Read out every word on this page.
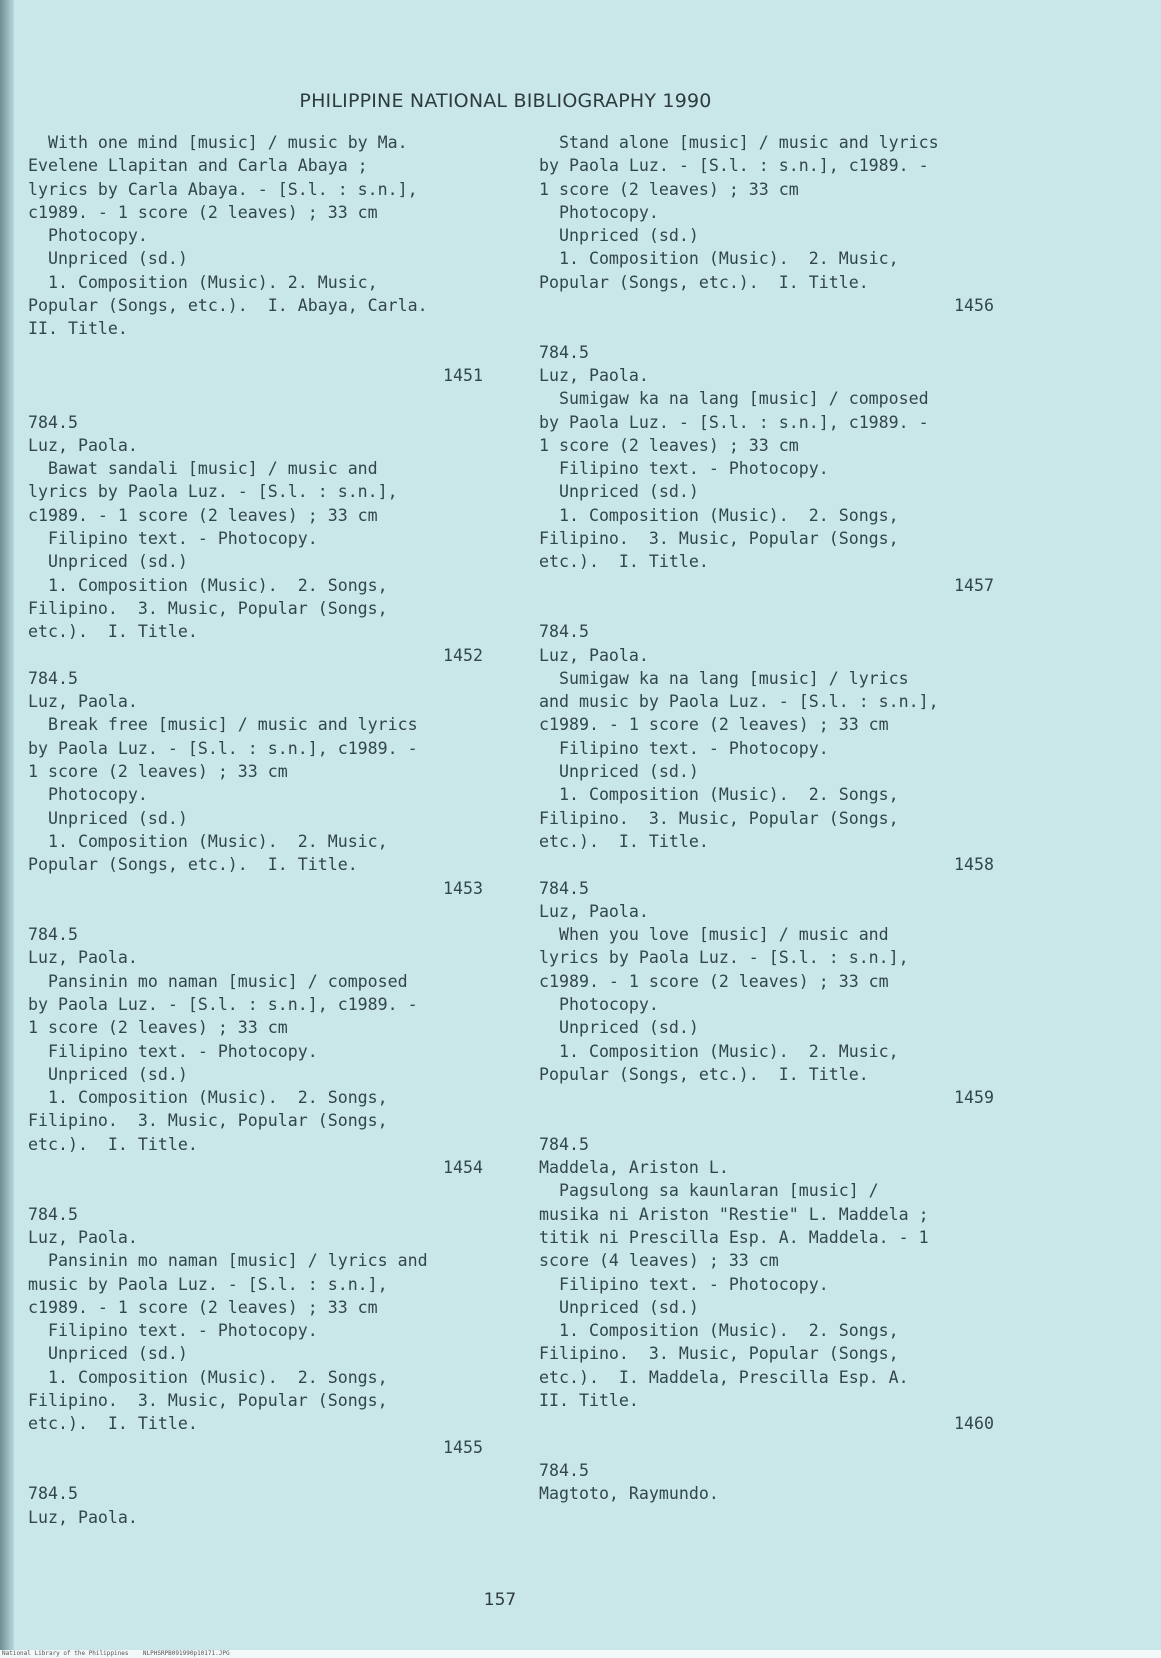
PHILIPPINE NATIONAL BIBLIOGRAPHY 1990

With one mind [music] / music by Ma.

Evelene Llapitan and Carla Abaya ;

lyrics by Carla Abaya. - [S.l. : s.n.],

c1989. - 1 score (2 leaves) ; 33 cm

Photocopy.

Unpriced (sd.)

1. Composition (Music). 2. Music,

Popular (Songs, etc.).  I. Abaya, Carla.

II. Title.

1451

784.5

Luz, Paola.

Bawat sandali [music] / music and

lyrics by Paola Luz. - [S.l. : s.n.],

c1989. - 1 score (2 leaves) ; 33 cm

Filipino text. - Photocopy.

Unpriced (sd.)

1. Composition (Music).  2. Songs,

Filipino.  3. Music, Popular (Songs,

etc.).  I. Title.

1452

784.5

Luz, Paola.

Break free [music] / music and lyrics

by Paola Luz. - [S.l. : s.n.], c1989. -

1 score (2 leaves) ; 33 cm

Photocopy.

Unpriced (sd.)

1. Composition (Music).  2. Music,

Popular (Songs, etc.).  I. Title.

1453

784.5

Luz, Paola.

Pansinin mo naman [music] / composed

by Paola Luz. - [S.l. : s.n.], c1989. -

1 score (2 leaves) ; 33 cm

Filipino text. - Photocopy.

Unpriced (sd.)

1. Composition (Music).  2. Songs,

Filipino.  3. Music, Popular (Songs,

etc.).  I. Title.

1454

784.5

Luz, Paola.

Pansinin mo naman [music] / lyrics and

music by Paola Luz. - [S.l. : s.n.],

c1989. - 1 score (2 leaves) ; 33 cm

Filipino text. - Photocopy.

Unpriced (sd.)

1. Composition (Music).  2. Songs,

Filipino.  3. Music, Popular (Songs,

etc.).  I. Title.

1455

784.5

Luz, Paola.

Stand alone [music] / music and lyrics

by Paola Luz. - [S.l. : s.n.], c1989. -

1 score (2 leaves) ; 33 cm

Photocopy.

Unpriced (sd.)

1. Composition (Music).  2. Music,

Popular (Songs, etc.).  I. Title.

1456

784.5

Luz, Paola.

Sumigaw ka na lang [music] / composed

by Paola Luz. - [S.l. : s.n.], c1989. -

1 score (2 leaves) ; 33 cm

Filipino text. - Photocopy.

Unpriced (sd.)

1. Composition (Music).  2. Songs,

Filipino.  3. Music, Popular (Songs,

etc.).  I. Title.

1457

784.5

Luz, Paola.

Sumigaw ka na lang [music] / lyrics

and music by Paola Luz. - [S.l. : s.n.],

c1989. - 1 score (2 leaves) ; 33 cm

Filipino text. - Photocopy.

Unpriced (sd.)

1. Composition (Music).  2. Songs,

Filipino.  3. Music, Popular (Songs,

etc.).  I. Title.

1458

784.5

Luz, Paola.

When you love [music] / music and

lyrics by Paola Luz. - [S.l. : s.n.],

c1989. - 1 score (2 leaves) ; 33 cm

Photocopy.

Unpriced (sd.)

1. Composition (Music).  2. Music,

Popular (Songs, etc.).  I. Title.

1459

784.5

Maddela, Ariston L.

Pagsulong sa kaunlaran [music] /

musika ni Ariston "Restie" L. Maddela ;

titik ni Prescilla Esp. A. Maddela. - 1

score (4 leaves) ; 33 cm

Filipino text. - Photocopy.

Unpriced (sd.)

1. Composition (Music).  2. Songs,

Filipino.  3. Music, Popular (Songs,

etc.).  I. Maddela, Prescilla Esp. A.

II. Title.

1460

784.5

Magtoto, Raymundo.

157
National Library of the Philippines    NLPHSRPB091990p10171.JPG
